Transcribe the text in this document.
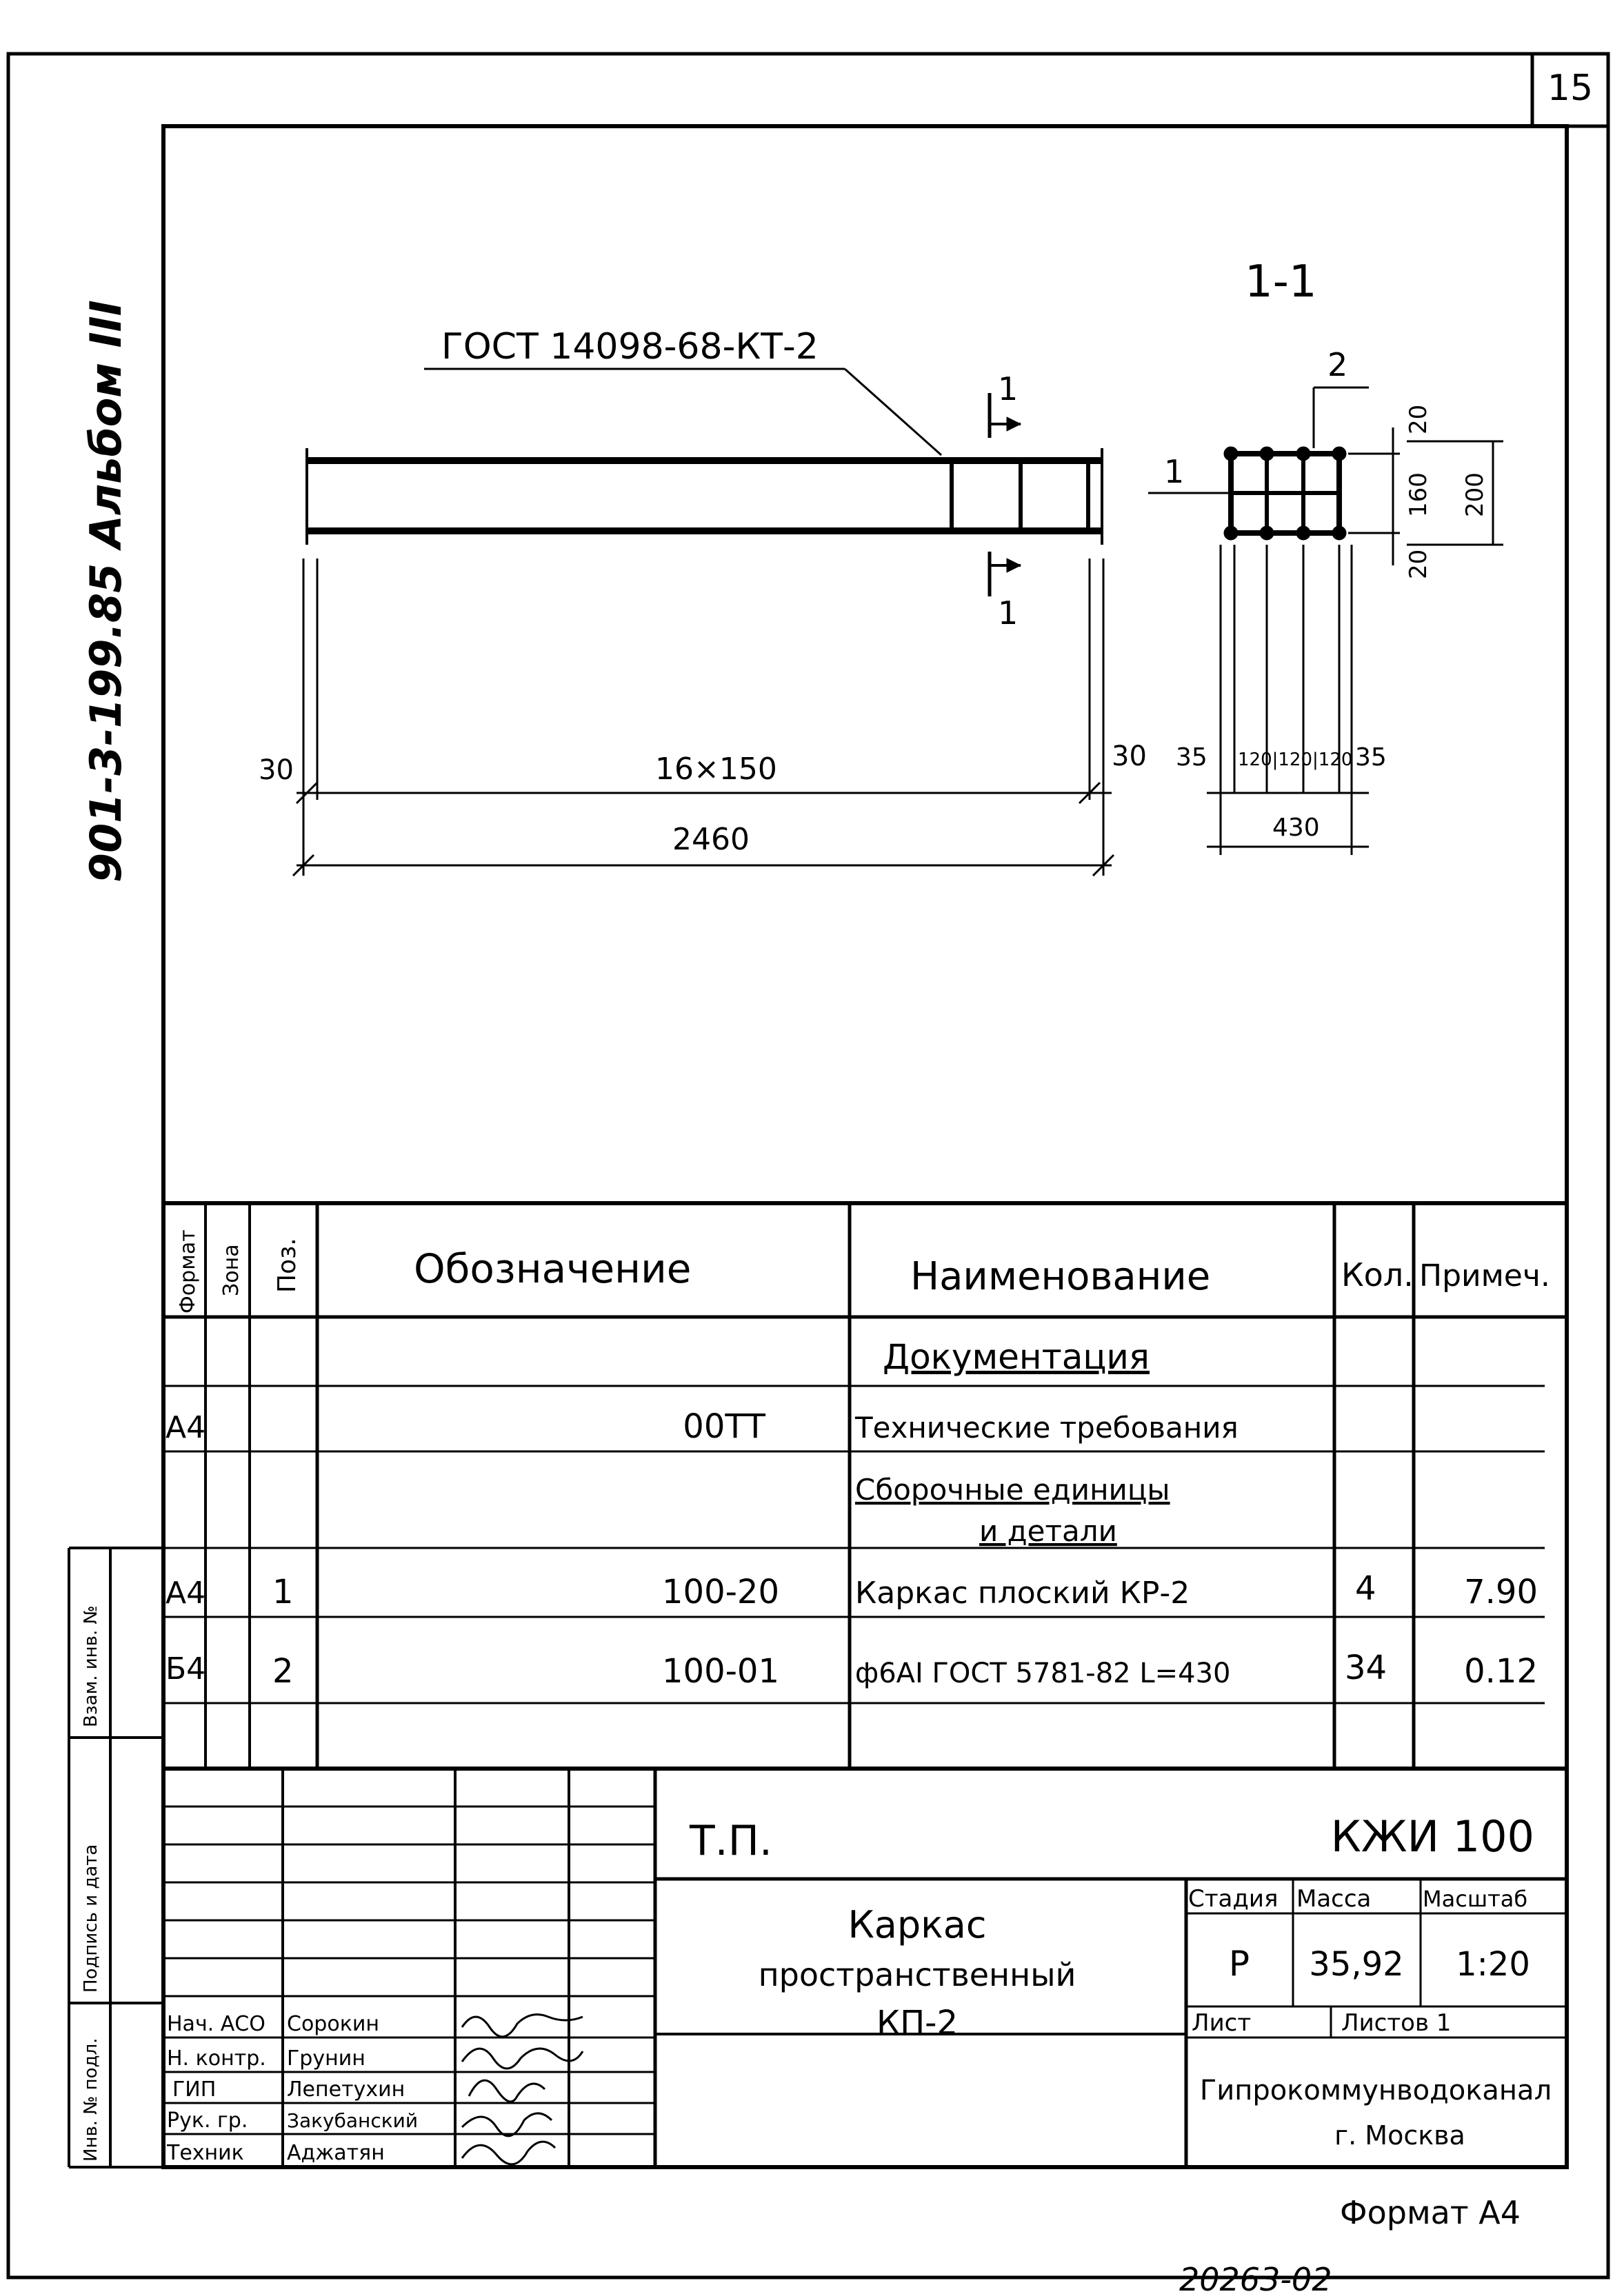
15
901-3-199.85 Альбом III	ГОСТ 14098-68-КТ-2
1
1
30	16×150	30
2460
1-1
1
2
20
160
20
200
35 120|120|120 35
430
Формат Зона Поз.	Обозначение	Наименование	Кол. Примеч.
Документация
А4	00ТТ	Технические требования
Сборочные единицы
и детали
А4 1	100-20	Каркас плоский КР-2	4	7.90
Б4 2	100-01	ф6АI ГОСТ 5781-82 L=430	34 0.12
Т.П.	КЖИ 100
Каркас
пространственный
КП-2
Стадия Масса Масштаб
Р 35,92 1:20
Лист	Листов 1
Гипрокоммунводоканал
г. Москва
Нач. АСО Сорокин
Н. контр. Грунин
ГИП	Лепетухин
Рук. гр. Закубанский
Техник Аджатян
Инв. № подл.
Подпись и дата
Взам. инв. №
Формат А4
20263-02
